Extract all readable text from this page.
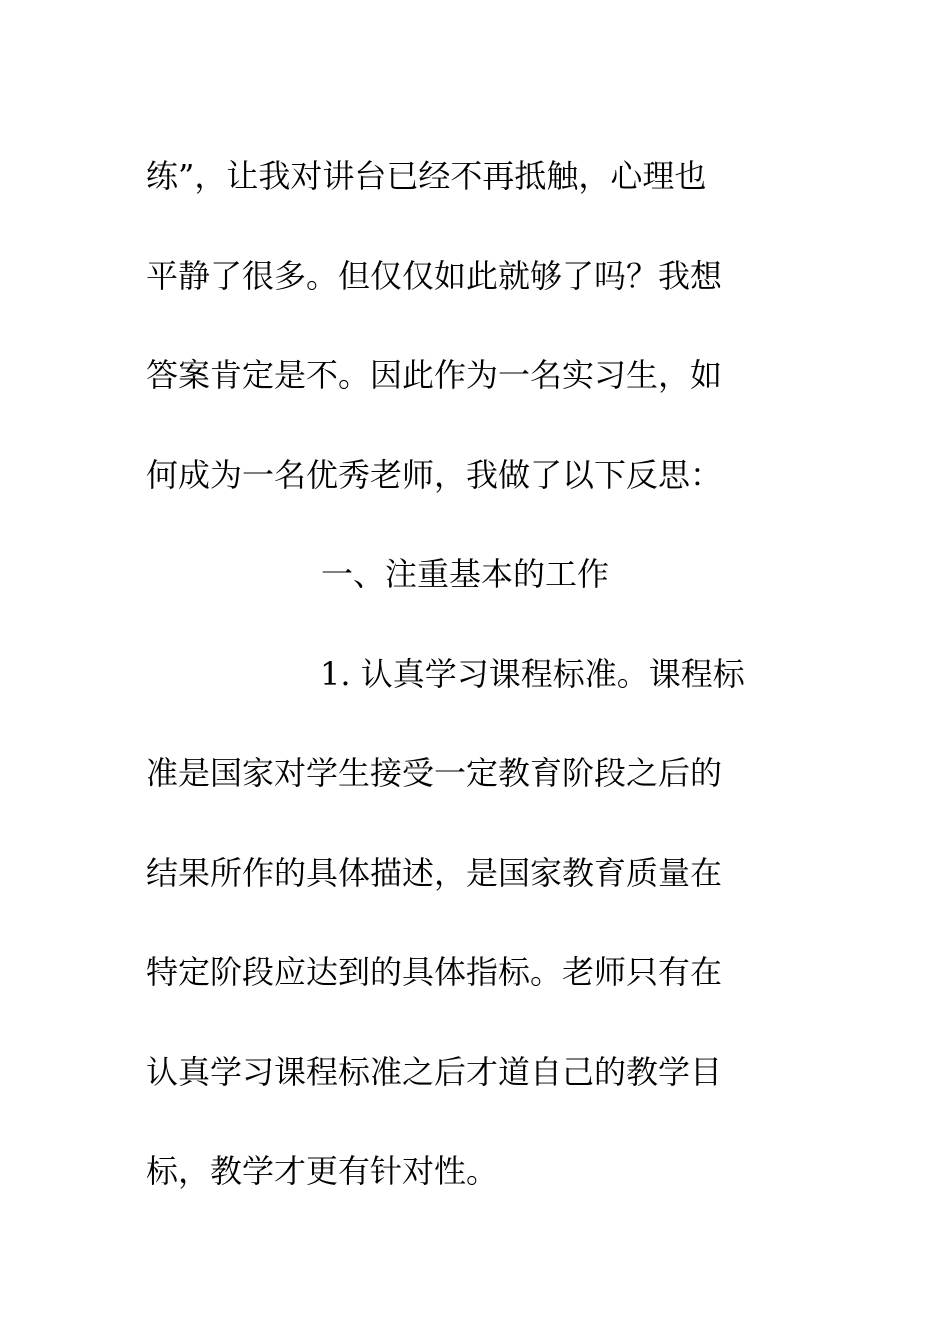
练”，让我对讲台已经不再抵触，心理也
平静了很多。但仅仅如此就够了吗？我想
答案肯定是不。因此作为一名实习生，如
何成为一名优秀老师，我做了以下反思：
一、注重基本的工作
1. 认真学习课程标准。课程标
准是国家对学生接受一定教育阶段之后的
结果所作的具体描述，是国家教育质量在
特定阶段应达到的具体指标。老师只有在
认真学习课程标准之后才道自己的教学目
标，教学才更有针对性。
